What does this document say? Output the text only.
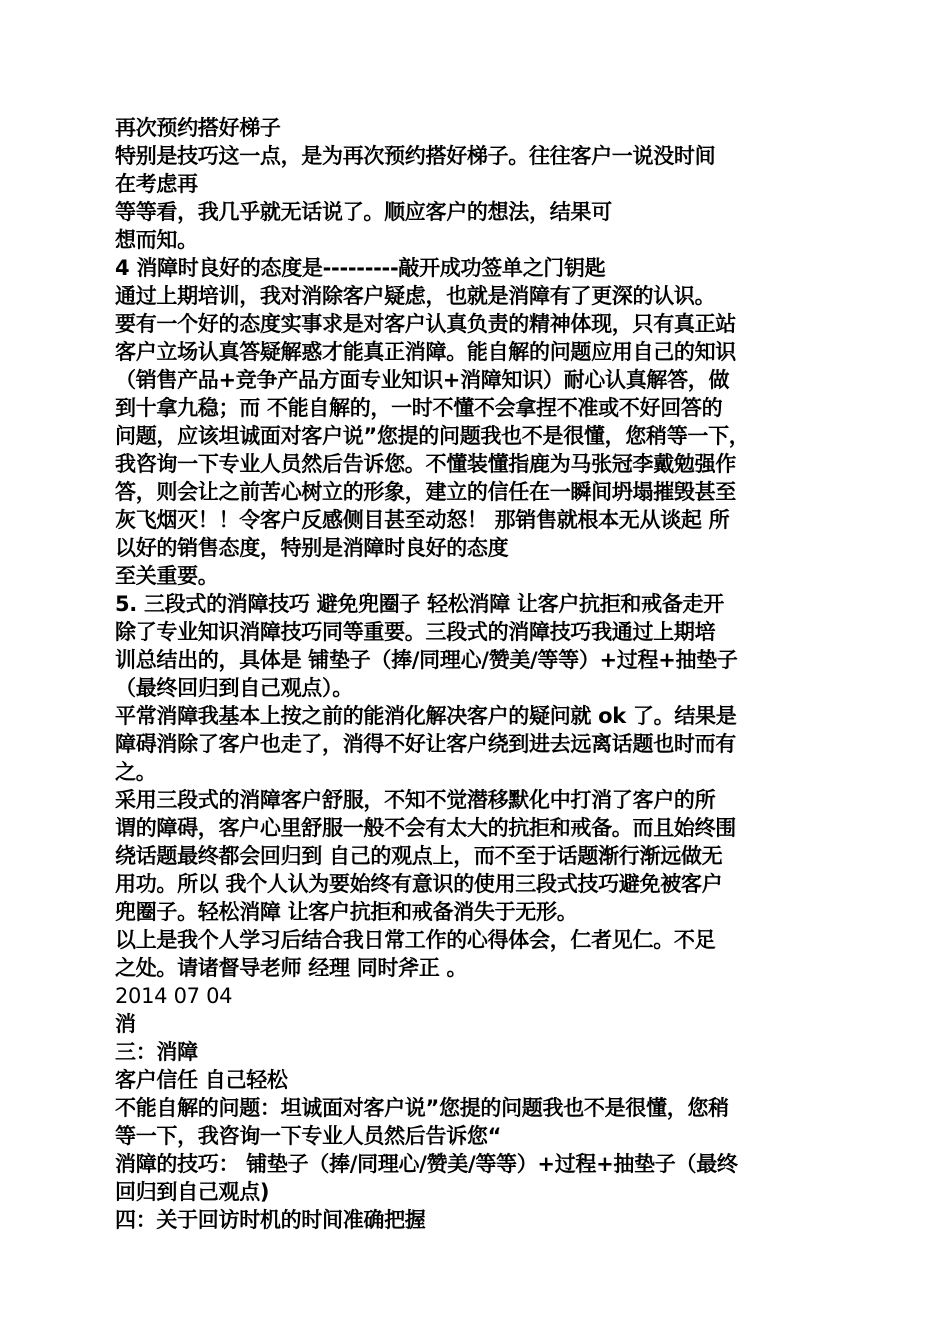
再次预约搭好梯子
特别是技巧这一点，是为再次预约搭好梯子。往往客户一说没时间
在考虑再
等等看，我几乎就无话说了。顺应客户的想法，结果可
想而知。
4 消障时良好的态度是---------敲开成功签单之门钥匙
通过上期培训，我对消除客户疑虑，也就是消障有了更深的认识。
要有一个好的态度实事求是对客户认真负责的精神体现，只有真正站
客户立场认真答疑解惑才能真正消障。能自解的问题应用自己的知识
（销售产品+竞争产品方面专业知识+消障知识）耐心认真解答，做
到十拿九稳；而 不能自解的，一时不懂不会拿捏不准或不好回答的
问题，应该坦诚面对客户说”您提的问题我也不是很懂，您稍等一下，
我咨询一下专业人员然后告诉您。不懂装懂指鹿为马张冠李戴勉强作
答，则会让之前苦心树立的形象，建立的信任在一瞬间坍塌摧毁甚至
灰飞烟灭！！令客户反感侧目甚至动怒！ 那销售就根本无从谈起 所
以好的销售态度，特别是消障时良好的态度
至关重要。
5. 三段式的消障技巧 避免兜圈子 轻松消障 让客户抗拒和戒备走开
除了专业知识消障技巧同等重要。三段式的消障技巧我通过上期培
训总结出的，具体是 铺垫子（捧/同理心/赞美/等等）+过程+抽垫子
（最终回归到自己观点）。
平常消障我基本上按之前的能消化解决客户的疑问就 ok 了。结果是
障碍消除了客户也走了，消得不好让客户绕到进去远离话题也时而有
之。
采用三段式的消障客户舒服，不知不觉潜移默化中打消了客户的所
谓的障碍，客户心里舒服一般不会有太大的抗拒和戒备。而且始终围
绕话题最终都会回归到 自己的观点上，而不至于话题渐行渐远做无
用功。所以 我个人认为要始终有意识的使用三段式技巧避免被客户
兜圈子。轻松消障 让客户抗拒和戒备消失于无形。
以上是我个人学习后结合我日常工作的心得体会，仁者见仁。不足
之处。请诸督导老师 经理 同时斧正 。
2014 07 04
消
三：消障
客户信任 自己轻松
不能自解的问题：坦诚面对客户说”您提的问题我也不是很懂，您稍
等一下，我咨询一下专业人员然后告诉您“
消障的技巧： 铺垫子（捧/同理心/赞美/等等）+过程+抽垫子（最终
回归到自己观点)
四：关于回访时机的时间准确把握
